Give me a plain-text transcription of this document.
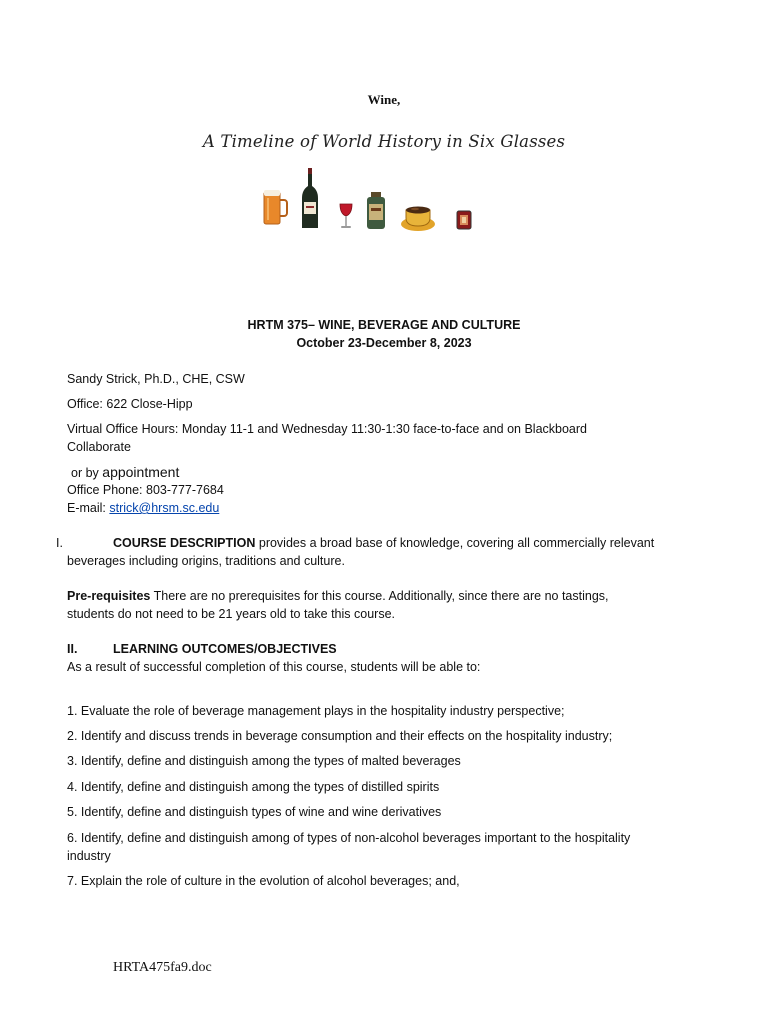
Wine,
A Timeline of World History in Six Glasses
HRTM 375– WINE, BEVERAGE AND CULTURE
October 23-December 8, 2023
Sandy Strick, Ph.D., CHE, CSW
Office: 622 Close-Hipp
Virtual Office Hours: Monday 11-1 and Wednesday 11:30-1:30 face-to-face and on Blackboard
Collaborate
or by appointment
Office Phone: 803-777-7684
E-mail: strick@hrsm.sc.edu
I.	COURSE DESCRIPTION provides a broad base of knowledge, covering all commercially relevant
beverages including origins, traditions and culture.
Pre-requisites There are no prerequisites for this course. Additionally, since there are no tastings,
students do not need to be 21 years old to take this course.
II.	LEARNING OUTCOMES/OBJECTIVES
As a result of successful completion of this course, students will be able to:
1. Evaluate the role of beverage management plays in the hospitality industry perspective;
2. Identify and discuss trends in beverage consumption and their effects on the hospitality industry;
3. Identify, define and distinguish among the types of malted beverages
4. Identify, define and distinguish among the types of distilled spirits
5. Identify, define and distinguish types of wine and wine derivatives
6. Identify, define and distinguish among of types of non-alcohol beverages important to the hospitality
industry
7. Explain the role of culture in the evolution of alcohol beverages; and,
HRTA475fa9.doc
